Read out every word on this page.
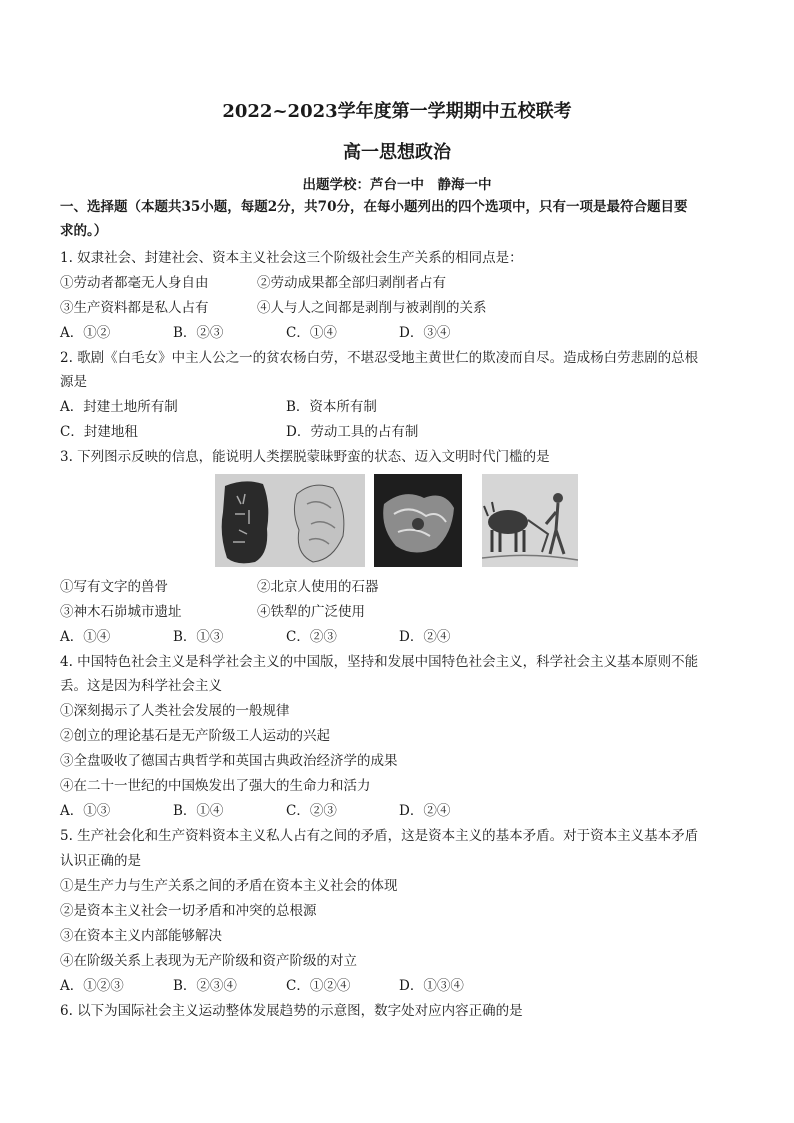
2022~2023学年度第一学期期中五校联考
高一思想政治
出题学校：芦台一中　静海一中
一、选择题（本题共35小题，每题2分，共70分，在每小题列出的四个选项中，只有一项是最符合题目要
求的。）
1. 奴隶社会、封建社会、资本主义社会这三个阶级社会生产关系的相同点是：
①劳动者都毫无人身自由	②劳动成果都全部归剥削者占有
③生产资料都是私人占有	④人与人之间都是剥削与被剥削的关系
A．①②	B．②③	C．①④	D．③④
2. 歌剧《白毛女》中主人公之一的贫农杨白劳，不堪忍受地主黄世仁的欺凌而自尽。造成杨白劳悲剧的总根
源是
A．封建土地所有制	B．资本所有制
C．封建地租	D．劳动工具的占有制
3. 下列图示反映的信息，能说明人类摆脱蒙昧野蛮的状态、迈入文明时代门槛的是
①写有文字的兽骨	②北京人使用的石器
③神木石峁城市遗址	④铁犁的广泛使用
A．①④	B．①③	C．②③	D．②④
4. 中国特色社会主义是科学社会主义的中国版，坚持和发展中国特色社会主义，科学社会主义基本原则不能
丢。这是因为科学社会主义
①深刻揭示了人类社会发展的一般规律
②创立的理论基石是无产阶级工人运动的兴起
③全盘吸收了德国古典哲学和英国古典政治经济学的成果
④在二十一世纪的中国焕发出了强大的生命力和活力
A．①③	B．①④	C．②③	D．②④
5. 生产社会化和生产资料资本主义私人占有之间的矛盾，这是资本主义的基本矛盾。对于资本主义基本矛盾
认识正确的是
①是生产力与生产关系之间的矛盾在资本主义社会的体现
②是资本主义社会一切矛盾和冲突的总根源
③在资本主义内部能够解决
④在阶级关系上表现为无产阶级和资产阶级的对立
A．①②③	B．②③④	C．①②④	D．①③④
6. 以下为国际社会主义运动整体发展趋势的示意图，数字处对应内容正确的是
